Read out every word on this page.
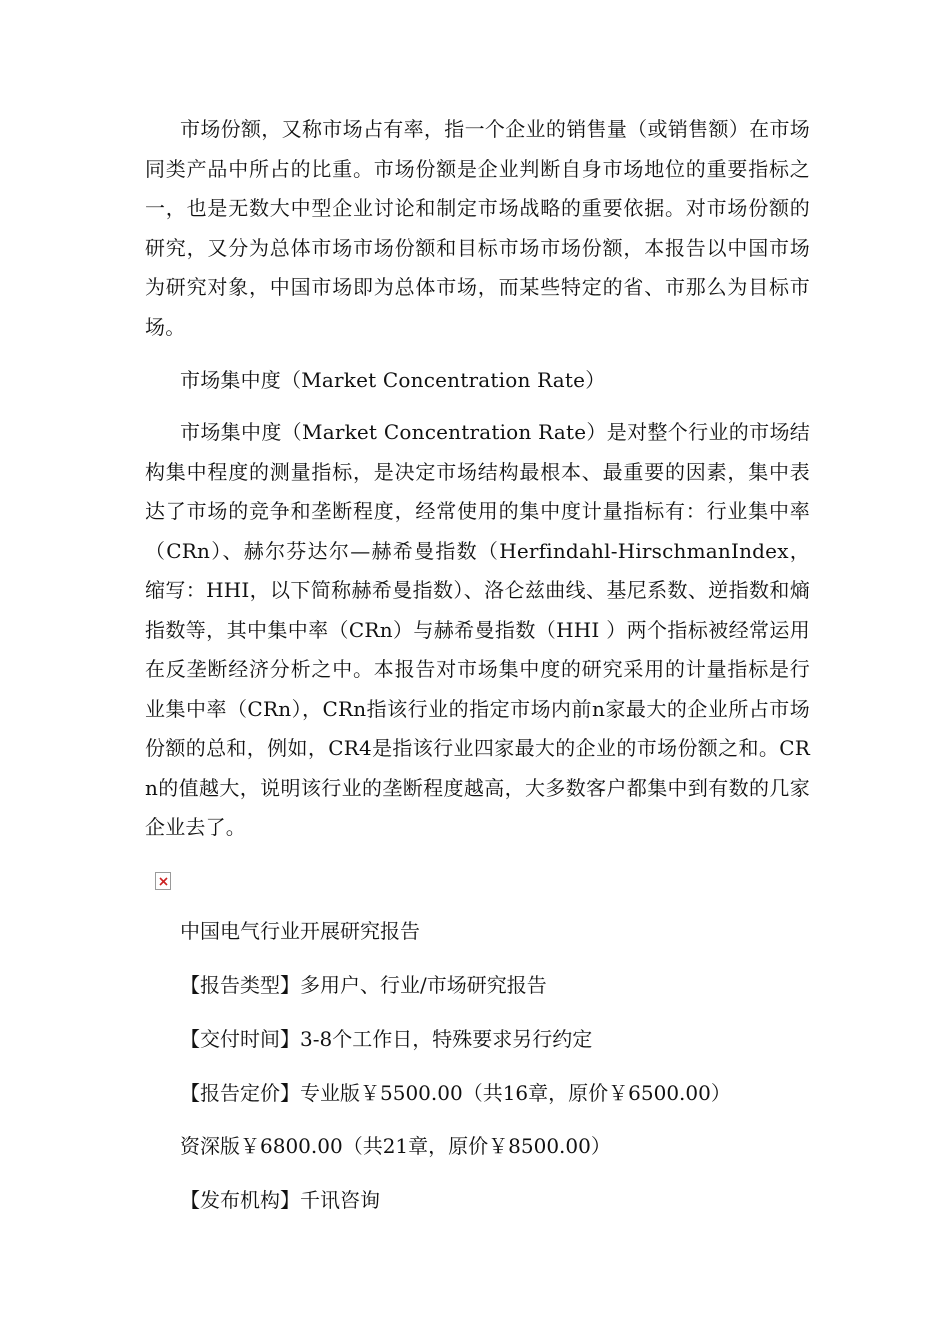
市场份额，又称市场占有率，指一个企业的销售量（或销售额）在市场同类产品中所占的比重。市场份额是企业判断自身市场地位的重要指标之一，也是无数大中型企业讨论和制定市场战略的重要依据。对市场份额的研究，又分为总体市场市场份额和目标市场市场份额，本报告以中国市场为研究对象，中国市场即为总体市场，而某些特定的省、市那么为目标市场。

市场集中度（Market Concentration Rate）

市场集中度（Market Concentration Rate）是对整个行业的市场结构集中程度的测量指标，是决定市场结构最根本、最重要的因素，集中表达了市场的竞争和垄断程度，经常使用的集中度计量指标有：行业集中率（CRn）、赫尔芬达尔—赫希曼指数（Herfindahl-HirschmanIndex，缩写：HHI，以下简称赫希曼指数）、洛仑兹曲线、基尼系数、逆指数和熵指数等，其中集中率（CRn）与赫希曼指数（HHI ）两个指标被经常运用在反垄断经济分析之中。本报告对市场集中度的研究采用的计量指标是行业集中率（CRn），CRn指该行业的指定市场内前n家最大的企业所占市场份额的总和，例如，CR4是指该行业四家最大的企业的市场份额之和。CRn的值越大，说明该行业的垄断程度越高，大多数客户都集中到有数的几家企业去了。

中国电气行业开展研究报告

【报告类型】多用户、行业/市场研究报告

【交付时间】3-8个工作日，特殊要求另行约定

【报告定价】专业版￥5500.00（共16章，原价￥6500.00）

资深版￥6800.00（共21章，原价￥8500.00）

【发布机构】千讯咨询
